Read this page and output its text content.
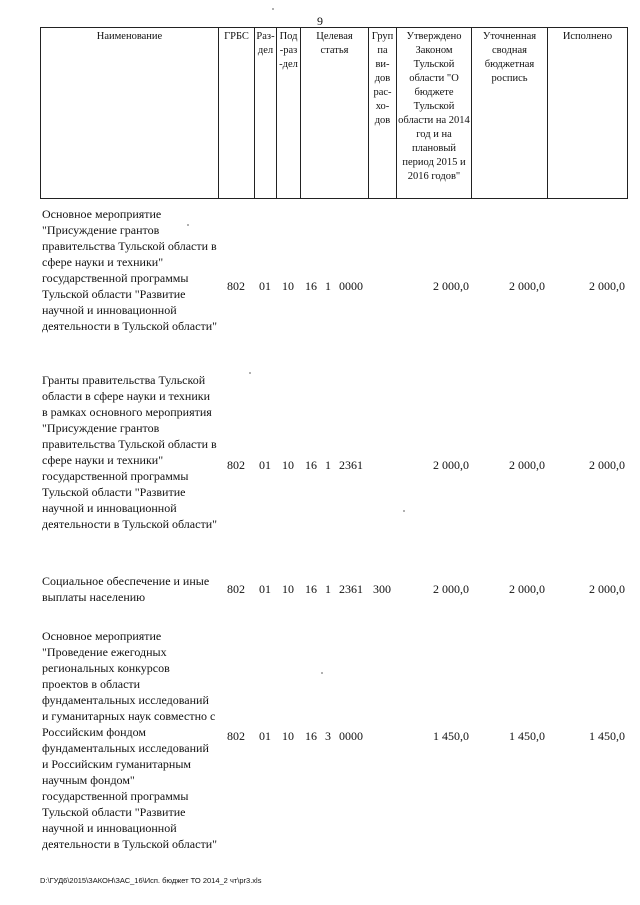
9
Наименование	ГРБС	Раз-дел	Под-раз-дел	Целевая статья	Груп па ви-дов рас-хо-дов	Утверждено Законом Тульской области "О бюджете Тульской области на 2014 год и на плановый период 2015 и 2016 годов"	Уточненная сводная бюджетная роспись	Исполнено
Основное мероприятие "Присуждение грантов правительства Тульской области в сфере науки и техники" государственной программы Тульской области "Развитие научной и инновационной деятельности в Тульской области"	802	01	10	16	1	0000		2 000,0	2 000,0	2 000,0
Гранты правительства Тульской области в сфере науки и техники в рамках основного мероприятия "Присуждение грантов правительства Тульской области в сфере науки и техники" государственной программы Тульской области "Развитие научной и инновационной деятельности в Тульской области"	802	01	10	16	1	2361		2 000,0	2 000,0	2 000,0
Социальное обеспечение и иные выплаты населению	802	01	10	16	1	2361	300	2 000,0	2 000,0	2 000,0
Основное мероприятие "Проведение ежегодных региональных конкурсов проектов в области фундаментальных исследований и гуманитарных наук совместно с Российским фондом фундаментальных исследований и Российским гуманитарным научным фондом" государственной программы Тульской области "Развитие научной и инновационной деятельности в Тульской области"	802	01	10	16	3	0000		1 450,0	1 450,0	1 450,0
D:\ГУД6\2015\ЗАКОН\ЗАС_16\Исп. бюджет ТО 2014_2 чт\pr3.xls
